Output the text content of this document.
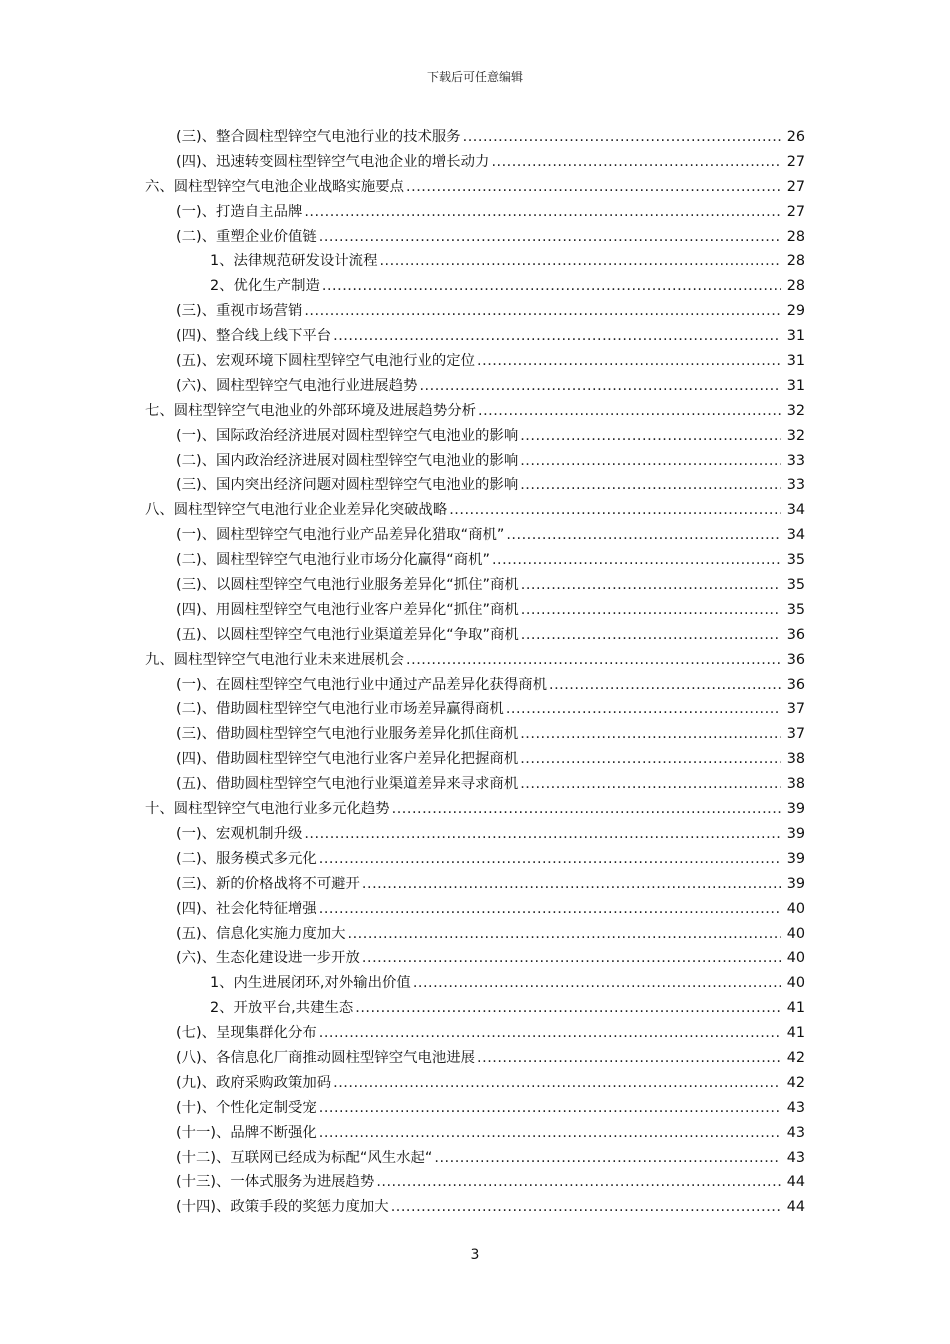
下载后可任意编辑
(三)、整合圆柱型锌空气电池行业的技术服务 .....	26
(四)、迅速转变圆柱型锌空气电池企业的增长动力 .....	27
六、圆柱型锌空气电池企业战略实施要点 .....	27
(一)、打造自主品牌 .....	27
(二)、重塑企业价值链 .....	28
1、法律规范研发设计流程 .....	28
2、优化生产制造 .....	28
(三)、重视市场营销 .....	29
(四)、整合线上线下平台 .....	31
(五)、宏观环境下圆柱型锌空气电池行业的定位 .....	31
(六)、圆柱型锌空气电池行业进展趋势 .....	31
七、圆柱型锌空气电池业的外部环境及进展趋势分析 .....	32
(一)、国际政治经济进展对圆柱型锌空气电池业的影响 .....	32
(二)、国内政治经济进展对圆柱型锌空气电池业的影响 .....	33
(三)、国内突出经济问题对圆柱型锌空气电池业的影响 .....	33
八、圆柱型锌空气电池行业企业差异化突破战略 .....	34
(一)、圆柱型锌空气电池行业产品差异化猎取“商机” .....	34
(二)、圆柱型锌空气电池行业市场分化赢得“商机” .....	35
(三)、以圆柱型锌空气电池行业服务差异化“抓住”商机 .....	35
(四)、用圆柱型锌空气电池行业客户差异化“抓住”商机 .....	35
(五)、以圆柱型锌空气电池行业渠道差异化“争取”商机 .....	36
九、圆柱型锌空气电池行业未来进展机会 .....	36
(一)、在圆柱型锌空气电池行业中通过产品差异化获得商机 .....	36
(二)、借助圆柱型锌空气电池行业市场差异赢得商机 .....	37
(三)、借助圆柱型锌空气电池行业服务差异化抓住商机 .....	37
(四)、借助圆柱型锌空气电池行业客户差异化把握商机 .....	38
(五)、借助圆柱型锌空气电池行业渠道差异来寻求商机 .....	38
十、圆柱型锌空气电池行业多元化趋势 .....	39
(一)、宏观机制升级 .....	39
(二)、服务模式多元化 .....	39
(三)、新的价格战将不可避开 .....	39
(四)、社会化特征增强 .....	40
(五)、信息化实施力度加大 .....	40
(六)、生态化建设进一步开放 .....	40
1、内生进展闭环,对外输出价值 .....	40
2、开放平台,共建生态 .....	41
(七)、呈现集群化分布 .....	41
(八)、各信息化厂商推动圆柱型锌空气电池进展 .....	42
(九)、政府采购政策加码 .....	42
(十)、个性化定制受宠 .....	43
(十一)、品牌不断强化 .....	43
(十二)、互联网已经成为标配“风生水起“ .....	43
(十三)、一体式服务为进展趋势 .....	44
(十四)、政策手段的奖惩力度加大 .....	44
3
